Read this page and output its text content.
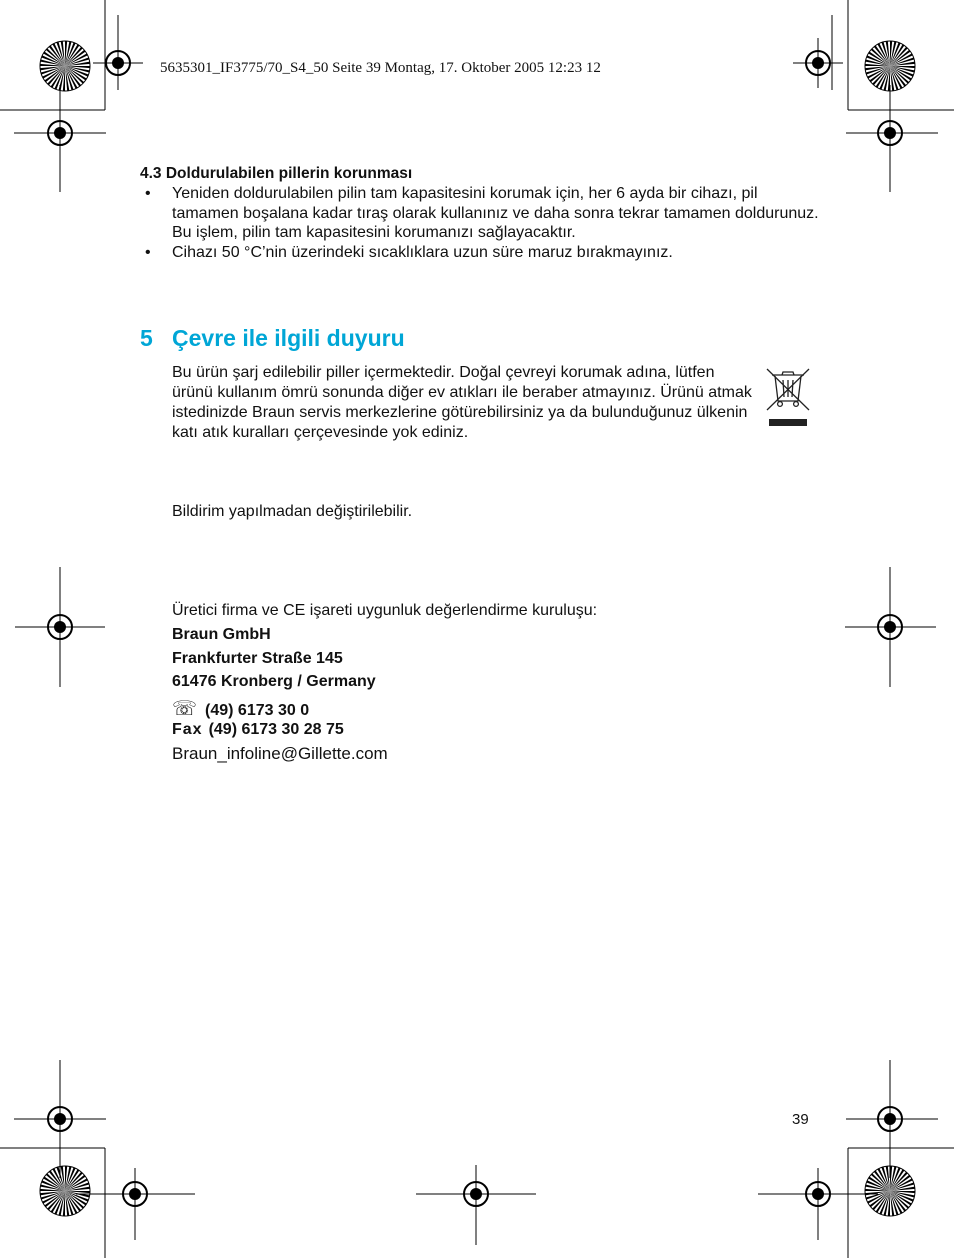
5635301_IF3775/70_S4_50 Seite 39 Montag, 17. Oktober 2005 12:23 12
4.3 Doldurulabilen pillerin korunması
• Yeniden doldurulabilen pilin tam kapasitesini korumak için, her 6 ayda bir cihazı, pil tamamen boşalana kadar tıraş olarak kullanınız ve daha sonra tekrar tamamen doldurunuz. Bu işlem, pilin tam kapasitesini korumanızı sağlayacaktır.
• Cihazı 50 °C’nin üzerindeki sıcaklıklara uzun süre maruz bırakmayınız.
5 Çevre ile ilgili duyuru
Bu ürün şarj edilebilir piller içermektedir. Doğal çevreyi korumak adına, lütfen ürünü kullanım ömrü sonunda diğer ev atıkları ile beraber atmayınız. Ürünü atmak istedinizde Braun servis merkezlerine götürebilirsiniz ya da bulunduğunuz ülkenin katı atık kuralları çerçevesinde yok ediniz.
Bildirim yapılmadan değiştirilebilir.
Üretici firma ve CE işareti uygunluk değerlendirme kuruluşu:
Braun GmbH
Frankfurter Straße 145
61476 Kronberg / Germany
☏ (49) 6173 30 0
Fax (49) 6173 30 28 75
Braun_infoline@Gillette.com
39
